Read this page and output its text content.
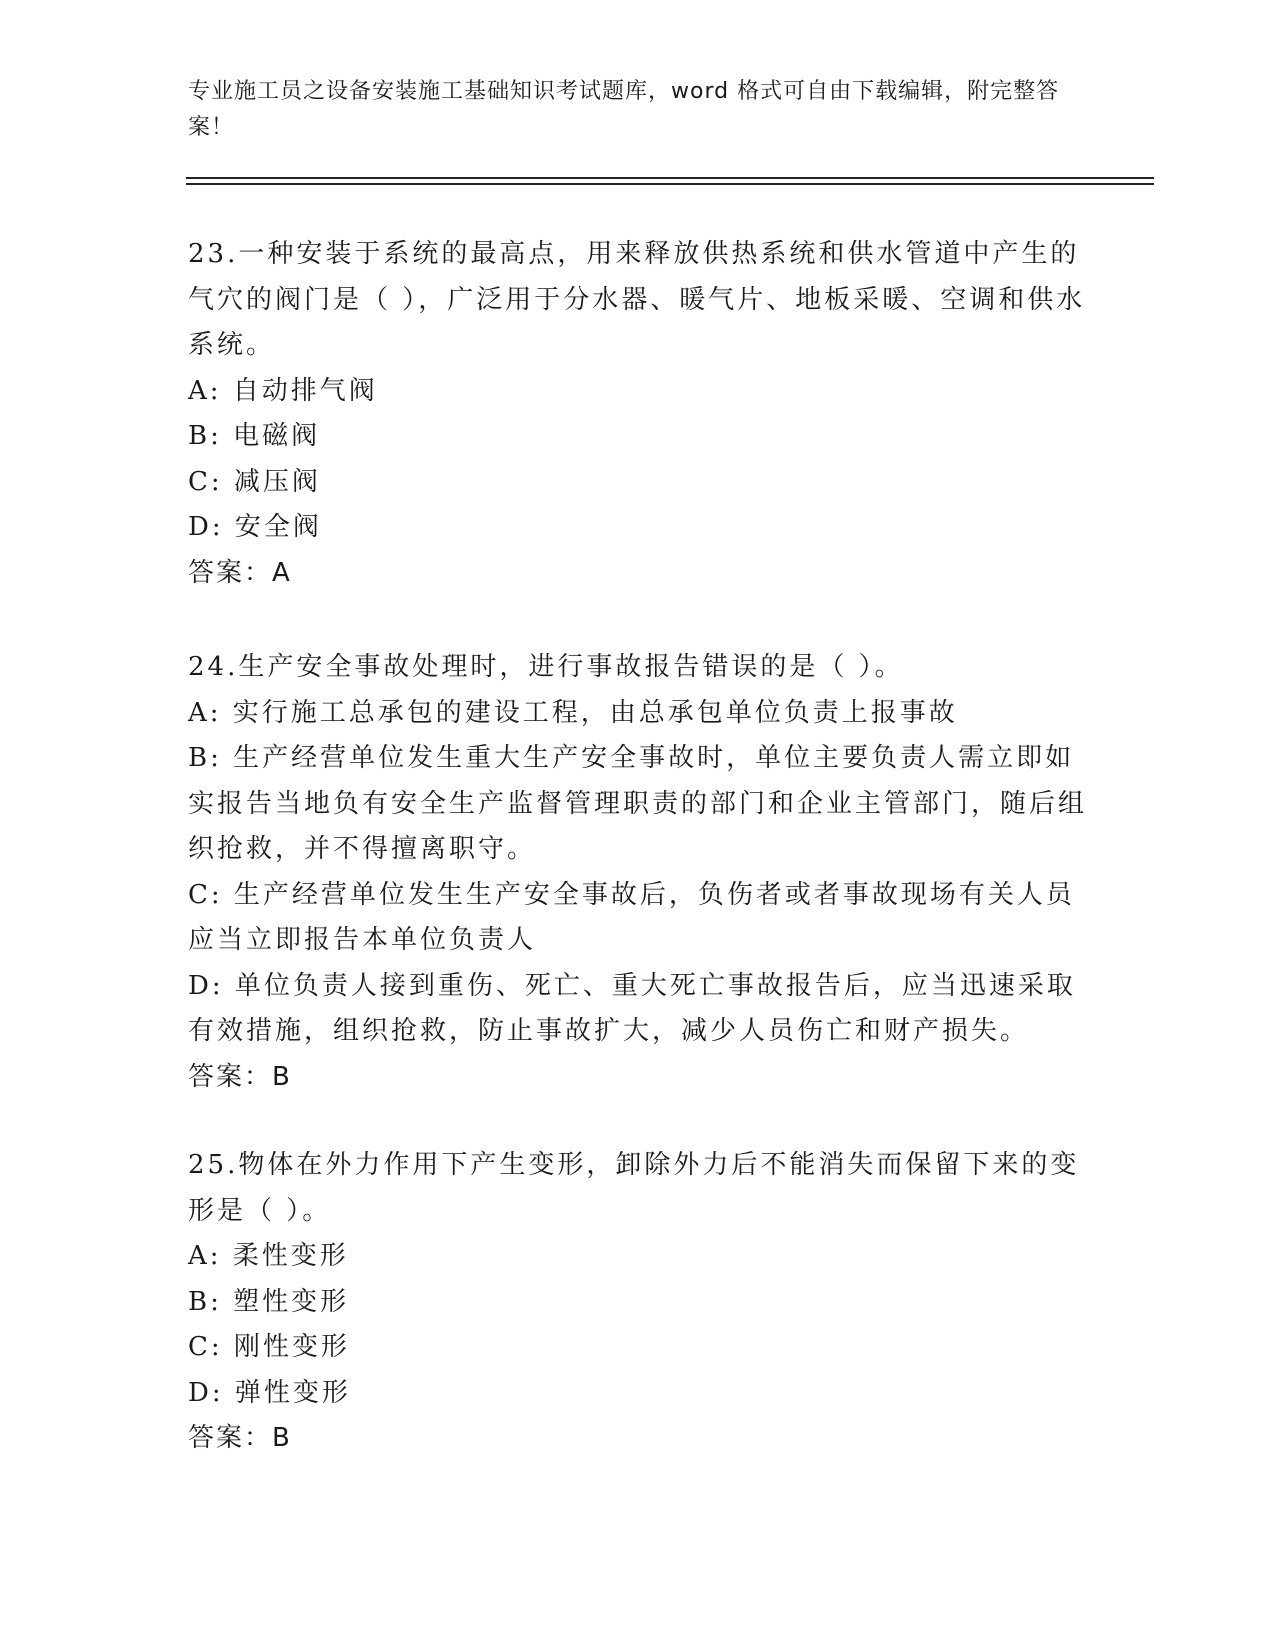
专业施工员之设备安装施工基础知识考试题库，word 格式可自由下载编辑，附完整答案！

23.一种安装于系统的最高点，用来释放供热系统和供水管道中产生的气穴的阀门是（ ），广泛用于分水器、暖气片、地板采暖、空调和供水系统。

A: 自动排气阀

B: 电磁阀

C: 减压阀

D: 安全阀

答案：A

24.生产安全事故处理时，进行事故报告错误的是（ ）。

A: 实行施工总承包的建设工程，由总承包单位负责上报事故

B: 生产经营单位发生重大生产安全事故时，单位主要负责人需立即如实报告当地负有安全生产监督管理职责的部门和企业主管部门，随后组织抢救，并不得擅离职守。

C: 生产经营单位发生生产安全事故后，负伤者或者事故现场有关人员应当立即报告本单位负责人

D: 单位负责人接到重伤、死亡、重大死亡事故报告后，应当迅速采取有效措施，组织抢救，防止事故扩大，减少人员伤亡和财产损失。

答案：B

25.物体在外力作用下产生变形，卸除外力后不能消失而保留下来的变形是（ ）。

A: 柔性变形

B: 塑性变形

C: 刚性变形

D: 弹性变形

答案：B
